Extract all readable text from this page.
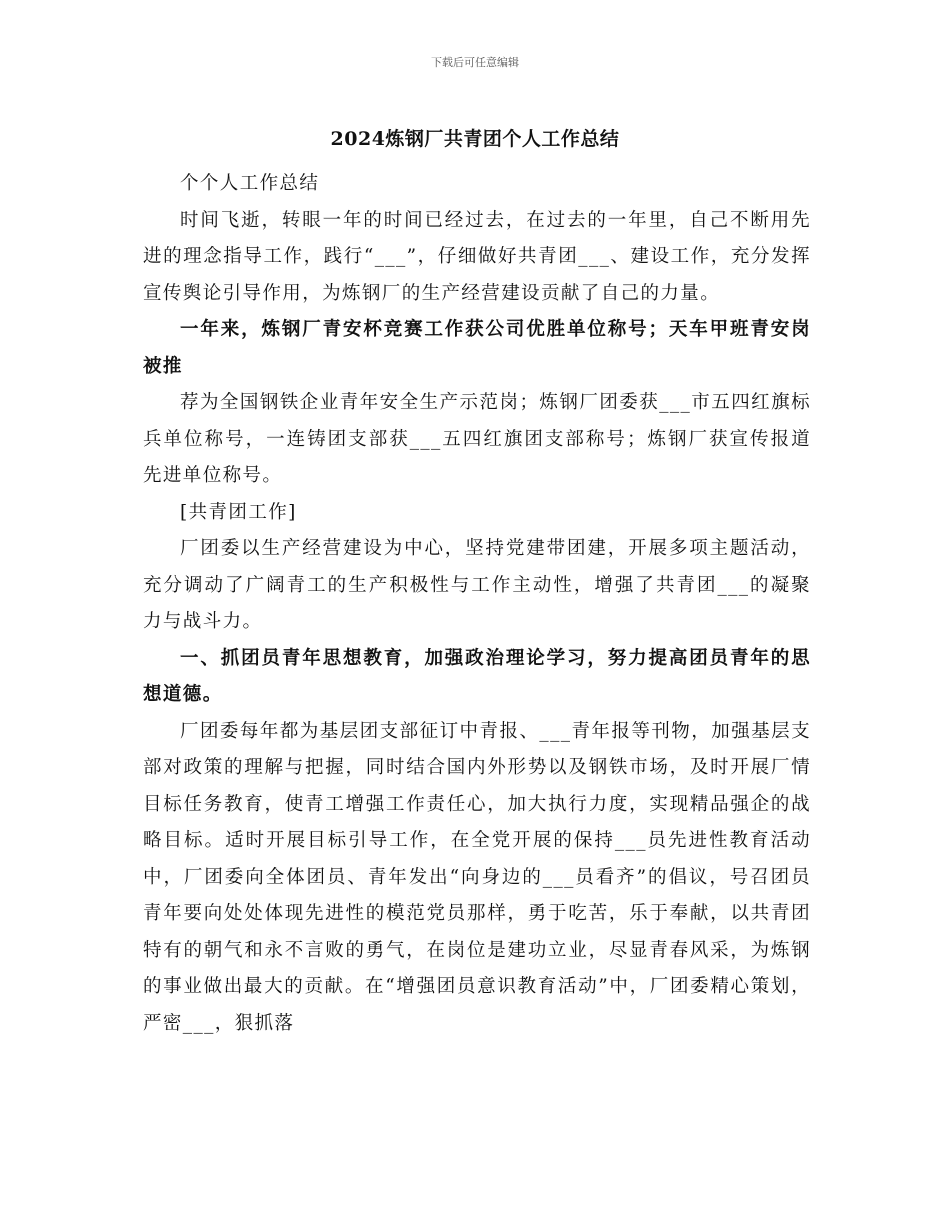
下载后可任意编辑
2024炼钢厂共青团个人工作总结

个个人工作总结

时间飞逝，转眼一年的时间已经过去，在过去的一年里，自己不断用先进的理念指导工作，践行“___”，仔细做好共青团___、建设工作，充分发挥宣传舆论引导作用，为炼钢厂的生产经营建设贡献了自己的力量。

一年来，炼钢厂青安杯竞赛工作获公司优胜单位称号；天车甲班青安岗被推

荐为全国钢铁企业青年安全生产示范岗；炼钢厂团委获___市五四红旗标兵单位称号，一连铸团支部获___五四红旗团支部称号；炼钢厂获宣传报道先进单位称号。

[共青团工作]

厂团委以生产经营建设为中心，坚持党建带团建，开展多项主题活动，充分调动了广阔青工的生产积极性与工作主动性，增强了共青团___的凝聚力与战斗力。

一、抓团员青年思想教育，加强政治理论学习，努力提高团员青年的思想道德。

厂团委每年都为基层团支部征订中青报、___青年报等刊物，加强基层支部对政策的理解与把握，同时结合国内外形势以及钢铁市场，及时开展厂情目标任务教育，使青工增强工作责任心，加大执行力度，实现精品强企的战略目标。适时开展目标引导工作，在全党开展的保持___员先进性教育活动中，厂团委向全体团员、青年发出“向身边的___员看齐”的倡议，号召团员青年要向处处体现先进性的模范党员那样，勇于吃苦，乐于奉献，以共青团特有的朝气和永不言败的勇气，在岗位是建功立业，尽显青春风采，为炼钢的事业做出最大的贡献。在“增强团员意识教育活动”中，厂团委精心策划，严密___，狠抓落
